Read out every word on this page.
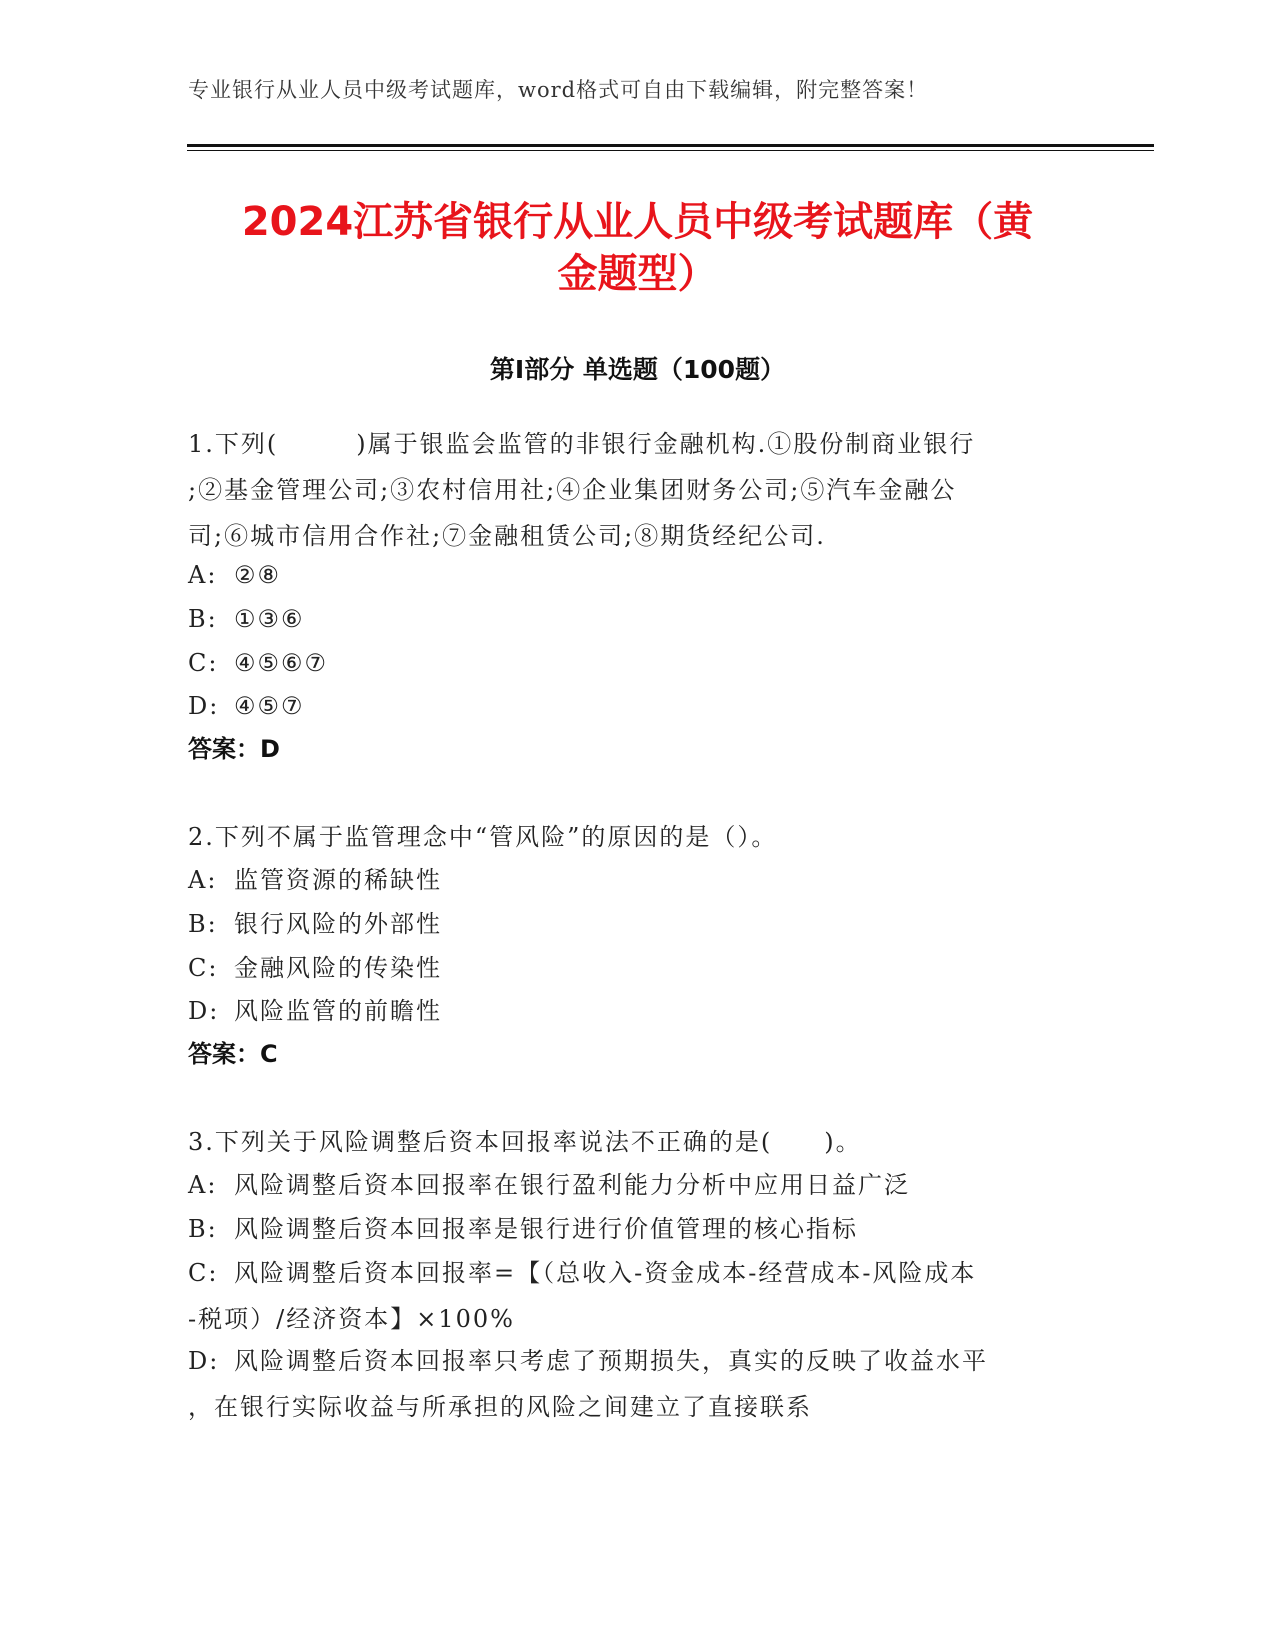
专业银行从业人员中级考试题库，word格式可自由下载编辑，附完整答案！
2024江苏省银行从业人员中级考试题库（黄
金题型）
第Ⅰ部分 单选题（100题）
1.下列(　　　)属于银监会监管的非银行金融机构.①股份制商业银行
;②基金管理公司;③农村信用社;④企业集团财务公司;⑤汽车金融公
司;⑥城市信用合作社;⑦金融租赁公司;⑧期货经纪公司.
A: ②⑧
B: ①③⑥
C: ④⑤⑥⑦
D: ④⑤⑦
答案：D
2.下列不属于监管理念中“管风险”的原因的是（）。
A: 监管资源的稀缺性
B: 银行风险的外部性
C: 金融风险的传染性
D: 风险监管的前瞻性
答案：C
3.下列关于风险调整后资本回报率说法不正确的是(　　)。
A: 风险调整后资本回报率在银行盈利能力分析中应用日益广泛
B: 风险调整后资本回报率是银行进行价值管理的核心指标
C: 风险调整后资本回报率=【（总收入-资金成本-经营成本-风险成本
-税项）/经济资本】×100%
D: 风险调整后资本回报率只考虑了预期损失，真实的反映了收益水平
，在银行实际收益与所承担的风险之间建立了直接联系
